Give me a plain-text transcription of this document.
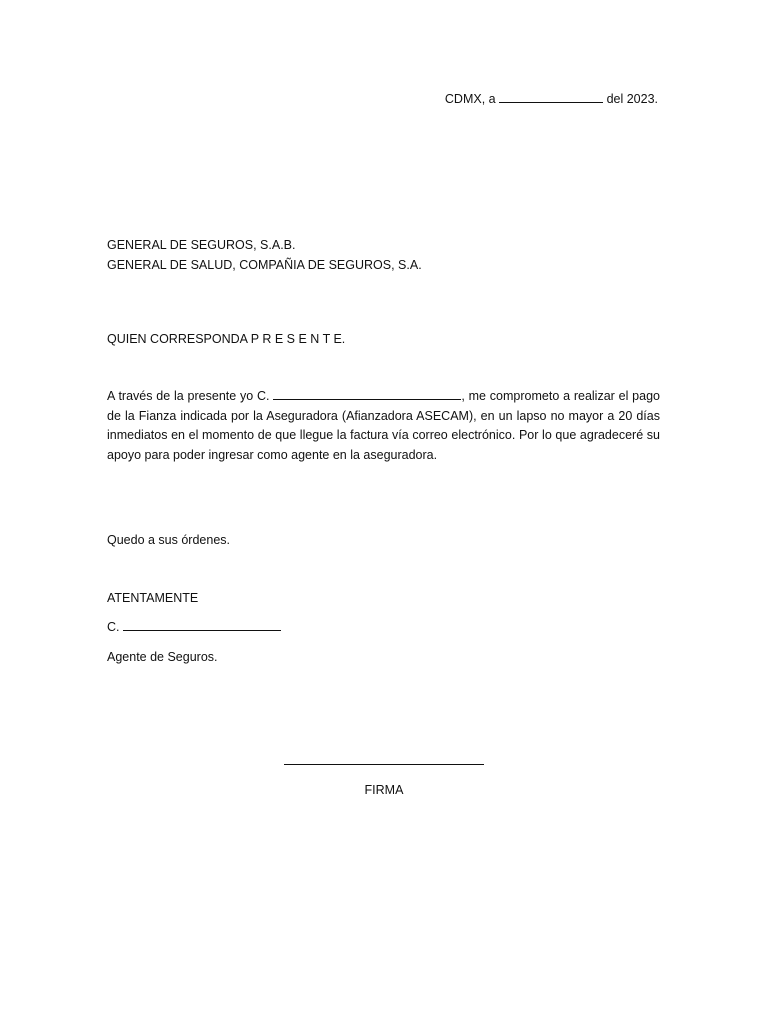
CDMX, a	del 2023.
GENERAL DE SEGUROS, S.A.B.
GENERAL DE SALUD, COMPAÑIA DE SEGUROS, S.A.
QUIEN CORRESPONDA P R E S E N T E.
A través de la presente yo C.	, me comprometo a realizar el pago de la Fianza indicada por la Aseguradora (Afianzadora ASECAM), en un lapso no mayor a 20 días inmediatos en el momento de que llegue la factura vía correo electrónico. Por lo que agradeceré su apoyo para poder ingresar como agente en la aseguradora.
Quedo a sus órdenes.
ATENTAMENTE
C.
Agente de Seguros.
FIRMA
